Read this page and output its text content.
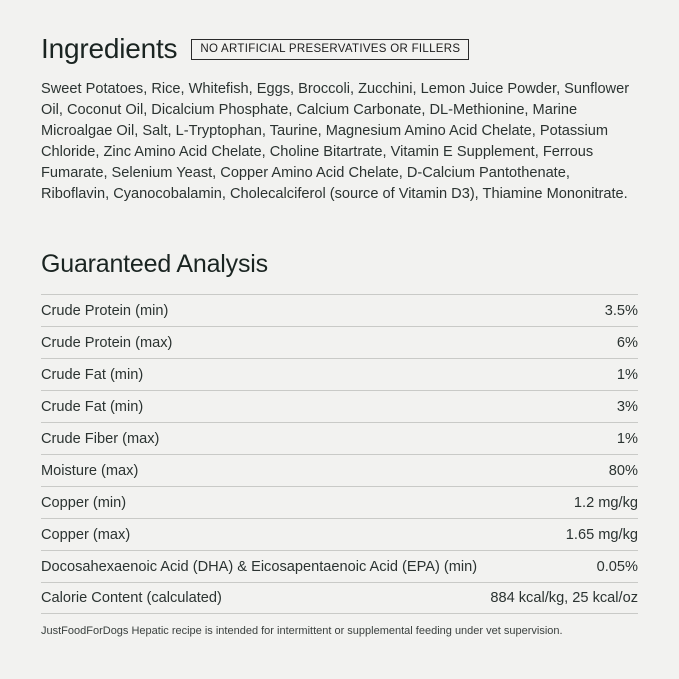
Ingredients	NO ARTIFICIAL PRESERVATIVES OR FILLERS

Sweet Potatoes, Rice, Whitefish, Eggs, Broccoli, Zucchini, Lemon Juice Powder, Sunflower Oil, Coconut Oil, Dicalcium Phosphate, Calcium Carbonate, DL-Methionine, Marine Microalgae Oil, Salt, L-Tryptophan, Taurine, Magnesium Amino Acid Chelate, Potassium Chloride, Zinc Amino Acid Chelate, Choline Bitartrate, Vitamin E Supplement, Ferrous Fumarate, Selenium Yeast, Copper Amino Acid Chelate, D-Calcium Pantothenate, Riboflavin, Cyanocobalamin, Cholecalciferol (source of Vitamin D3), Thiamine Mononitrate.

Guaranteed Analysis
Crude Protein (min)	3.5%
Crude Protein (max)	6%
Crude Fat (min)	1%
Crude Fat (min)	3%
Crude Fiber (max)	1%
Moisture (max)	80%
Copper (min)	1.2 mg/kg
Copper (max)	1.65 mg/kg
Docosahexaenoic Acid (DHA) & Eicosapentaenoic Acid (EPA) (min)	0.05%
Calorie Content (calculated)	884 kcal/kg, 25 kcal/oz

JustFoodForDogs Hepatic recipe is intended for intermittent or supplemental feeding under vet supervision.
